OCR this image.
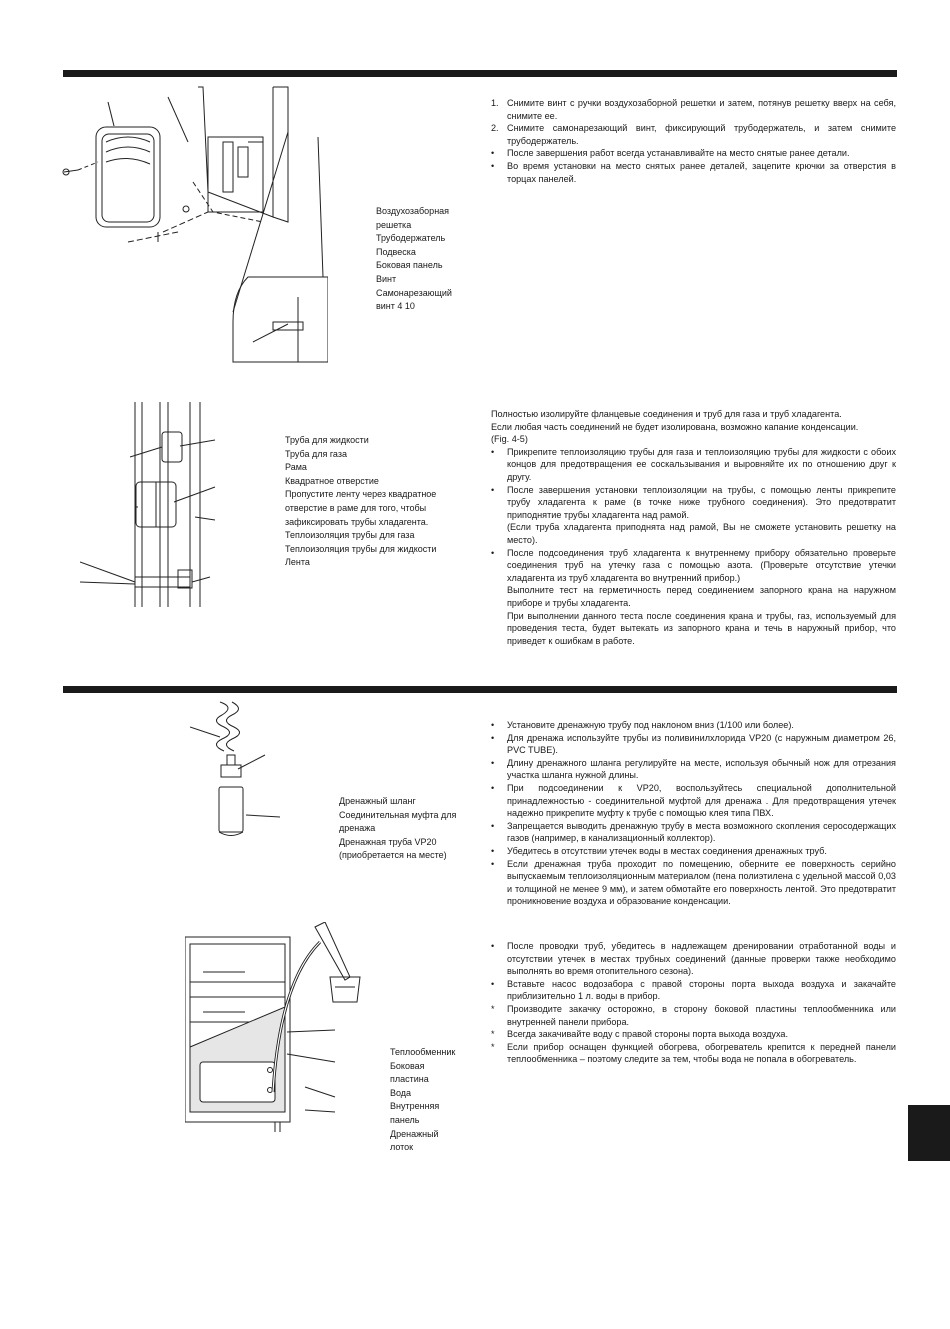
Воздухозаборная
решетка
Трубодержатель
Подвеска
Боковая панель
Винт
Самонарезающий
винт 4 10
1. Снимите винт с ручки воздухозаборной решетки и затем, потянув решетку вверх на себя, снимите ее.
2. Снимите самонарезающий винт, фиксирующий трубодержатель, и затем снимите трубодержатель.
• После завершения работ всегда устанавливайте на место снятые ранее детали.
• Во время установки на место снятых ранее деталей, зацепите крючки за отверстия в торцах панелей.
Труба для жидкости
Труба для газа
Рама
Квадратное отверстие
Пропустите ленту через квадратное
отверстие в раме для того, чтобы
зафиксировать трубы хладагента.
Теплоизоляция трубы для газа
Теплоизоляция трубы для жидкости
Лента
Полностью изолируйте фланцевые соединения и труб для газа и труб хладагента.
Если любая часть соединений не будет изолирована, возможно капание конденсации.
(Fig. 4-5)
• Прикрепите теплоизоляцию трубы для газа и теплоизоляцию трубы для жидкости с обоих концов для предотвращения ее соскальзывания и выровняйте их по отношению друг к другу.
• После завершения установки теплоизоляции на трубы, с помощью ленты прикрепите трубу хладагента к раме (в точке ниже трубного соединения). Это предотвратит приподнятие трубы хладагента над рамой.
(Если труба хладагента приподнята над рамой, Вы не сможете установить решетку на место).
• После подсоединения труб хладагента к внутреннему прибору обязательно проверьте соединения труб на утечку газа с помощью азота. (Проверьте отсутствие утечки хладагента из труб хладагента во внутренний прибор.)
Выполните тест на герметичность перед соединением запорного крана на наружном приборе и трубы хладагента.
При выполнении данного теста после соединения крана и трубы, газ, используемый для проведения теста, будет вытекать из запорного крана и течь в наружный прибор, что приведет к ошибкам в работе.
Дренажный шланг
Соединительная муфта для
дренажа
Дренажная труба VP20
(приобретается на месте)
• Установите дренажную трубу под наклоном вниз (1/100 или более).
• Для дренажа используйте трубы из поливинилхлорида VP20 (с наружным диаметром 26, PVC TUBE).
• Длину дренажного шланга регулируйте на месте, используя обычный нож для отрезания участка шланга нужной длины.
• При подсоединении к VP20, воспользуйтесь специальной дополнительной принадлежностью - соединительной муфтой для дренажа . Для предотвращения утечек надежно прикрепите муфту к трубе с помощью клея типа ПВХ.
• Запрещается выводить дренажную трубу в места возможного скопления серосодержащих газов (например, в канализационный коллектор).
• Убедитесь в отсутствии утечек воды в местах соединения дренажных труб.
• Если дренажная труба проходит по помещению, оберните ее поверхность серийно выпускаемым теплоизоляционным материалом (пена полиэтилена с удельной массой 0,03 и толщиной не менее 9 мм), и затем обмотайте его поверхность лентой. Это предотвратит проникновение воздуха и образование конденсации.
Теплообменник
Боковая
пластина
Вода
Внутренняя
панель
Дренажный
лоток
• После проводки труб, убедитесь в надлежащем дренировании отработанной воды и отсутствии утечек в местах трубных соединений (данные проверки также необходимо выполнять во время отопительного сезона).
• Вставьте насос водозабора с правой стороны порта выхода воздуха и закачайте приблизительно 1 л. воды в прибор.
* Производите закачку осторожно, в сторону боковой пластины теплообменника или внутренней панели прибора.
* Всегда закачивайте воду с правой стороны порта выхода воздуха.
* Если прибор оснащен функцией обогрева, обогреватель крепится к передней панели теплообменника – поэтому следите за тем, чтобы вода не попала в обогреватель.
